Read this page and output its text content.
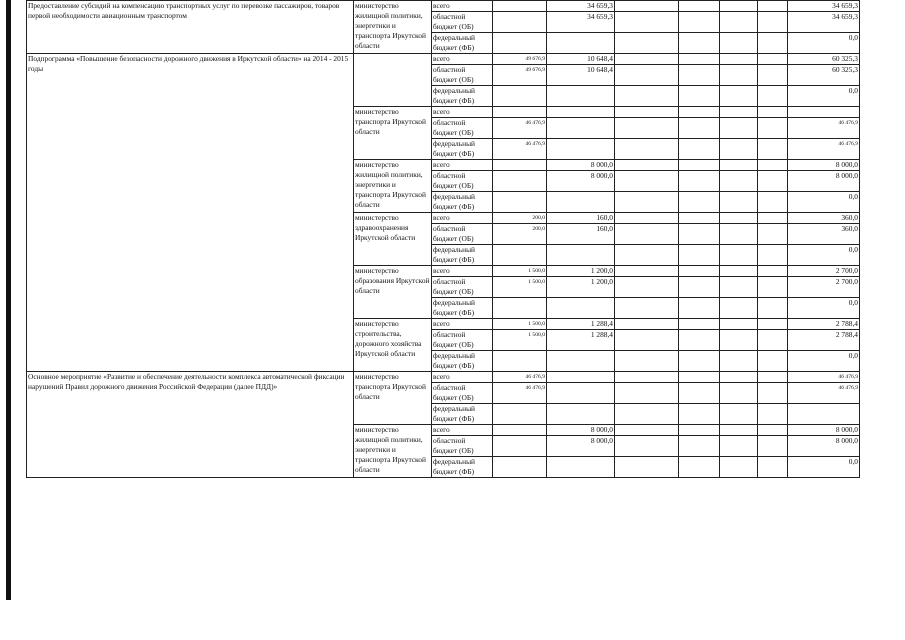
Предоставление субсидий на компенсацию транспортных услуг по перевозке пассажиров, товаров первой необходимости авиационным транспортом	министерство жилищной политики, энергетики и транспорта Иркутской области	всего		34 659,3					34 659,3
		областной бюджет (ОБ)		34 659,3					34 659,3
		федеральный бюджет (ФБ)							0,0
Подпрограмма «Повышение безопасности дорожного движения в Иркутской области» на 2014 - 2015 годы		всего	49 676,9	10 648,4					60 325,3
		областной бюджет (ОБ)	49 676,9	10 648,4					60 325,3
		федеральный бюджет (ФБ)							0,0
	министерство транспорта Иркутской области	всего							
		областной бюджет (ОБ)	46 476,9						46 476,9
		федеральный бюджет (ФБ)	46 476,9						46 476,9
	министерство жилищной политики, энергетики и транспорта Иркутской области	всего		8 000,0					8 000,0
		областной бюджет (ОБ)		8 000,0					8 000,0
		федеральный бюджет (ФБ)							0,0
	министерство здравоохранения Иркутской области	всего	200,0	160,0					360,0
		областной бюджет (ОБ)	200,0	160,0					360,0
		федеральный бюджет (ФБ)							0,0
	министерство образования Иркутской области	всего	1 500,0	1 200,0					2 700,0
		областной бюджет (ОБ)	1 500,0	1 200,0					2 700,0
		федеральный бюджет (ФБ)							0,0
	министерство строительства, дорожного хозяйства Иркутской области	всего	1 500,0	1 288,4					2 788,4
		областной бюджет (ОБ)	1 500,0	1 288,4					2 788,4
		федеральный бюджет (ФБ)							0,0
Основное мероприятие «Развитие и обеспечение деятельности комплекса автоматической фиксации нарушений Правил дорожного движения Российской Федерации (далее ПДД)»	министерство транспорта Иркутской области	всего	46 476,9						46 476,9
		областной бюджет (ОБ)	46 476,9						46 476,9
		федеральный бюджет (ФБ)							
	министерство жилищной политики, энергетики и транспорта Иркутской области	всего		8 000,0					8 000,0
		областной бюджет (ОБ)		8 000,0					8 000,0
		федеральный бюджет (ФБ)							0,0
